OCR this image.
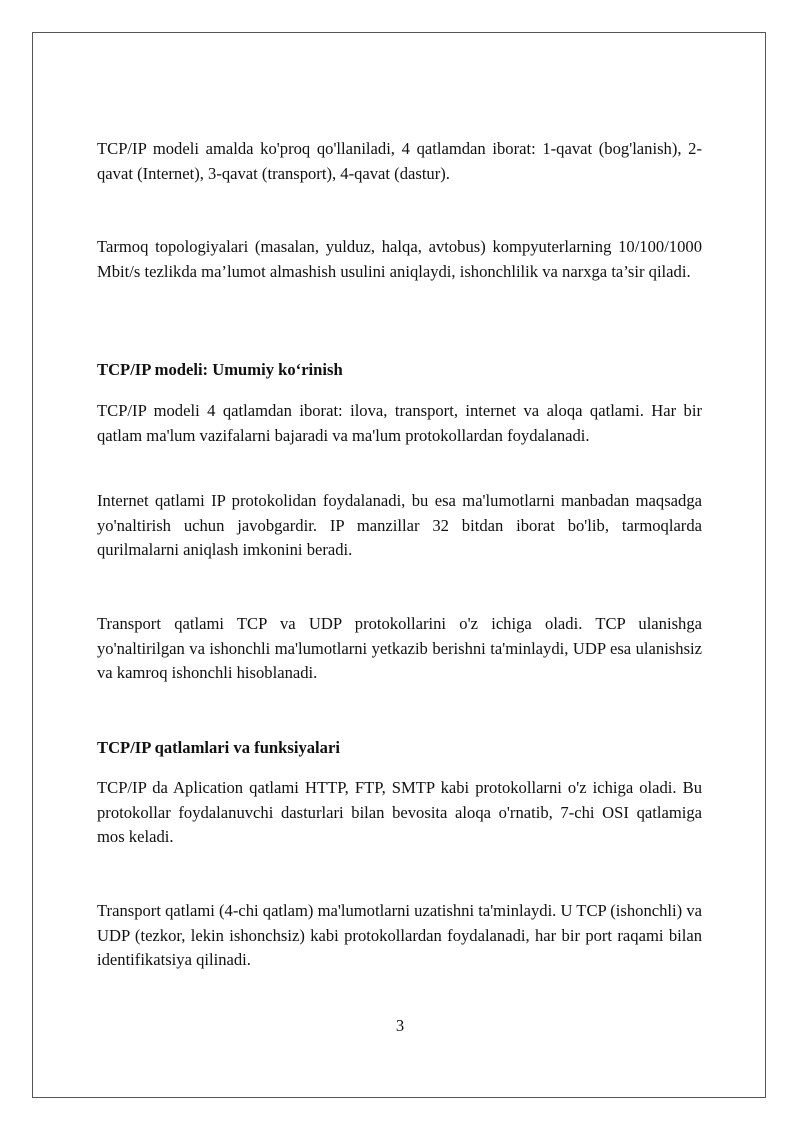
TCP/IP modeli amalda ko'proq qo'llaniladi, 4 qatlamdan iborat: 1-qavat (bog'lanish), 2-qavat (Internet), 3-qavat (transport), 4-qavat (dastur).

Tarmoq topologiyalari (masalan, yulduz, halqa, avtobus) kompyuterlarning 10/100/1000 Mbit/s tezlikda ma’lumot almashish usulini aniqlaydi, ishonchlilik va narxga ta’sir qiladi.

TCP/IP modeli: Umumiy ko‘rinish

TCP/IP modeli 4 qatlamdan iborat: ilova, transport, internet va aloqa qatlami. Har bir qatlam ma'lum vazifalarni bajaradi va ma'lum protokollardan foydalanadi.

Internet qatlami IP protokolidan foydalanadi, bu esa ma'lumotlarni manbadan maqsadga yo'naltirish uchun javobgardir. IP manzillar 32 bitdan iborat bo'lib, tarmoqlarda qurilmalarni aniqlash imkonini beradi.

Transport qatlami TCP va UDP protokollarini o'z ichiga oladi. TCP ulanishga yo'naltirilgan va ishonchli ma'lumotlarni yetkazib berishni ta'minlaydi, UDP esa ulanishsiz va kamroq ishonchli hisoblanadi.

TCP/IP qatlamlari va funksiyalari

TCP/IP da Aplication qatlami HTTP, FTP, SMTP kabi protokollarni o'z ichiga oladi. Bu protokollar foydalanuvchi dasturlari bilan bevosita aloqa o'rnatib, 7-chi OSI qatlamiga mos keladi.

Transport qatlami (4-chi qatlam) ma'lumotlarni uzatishni ta'minlaydi. U TCP (ishonchli) va UDP (tezkor, lekin ishonchsiz) kabi protokollardan foydalanadi, har bir port raqami bilan identifikatsiya qilinadi.

3
